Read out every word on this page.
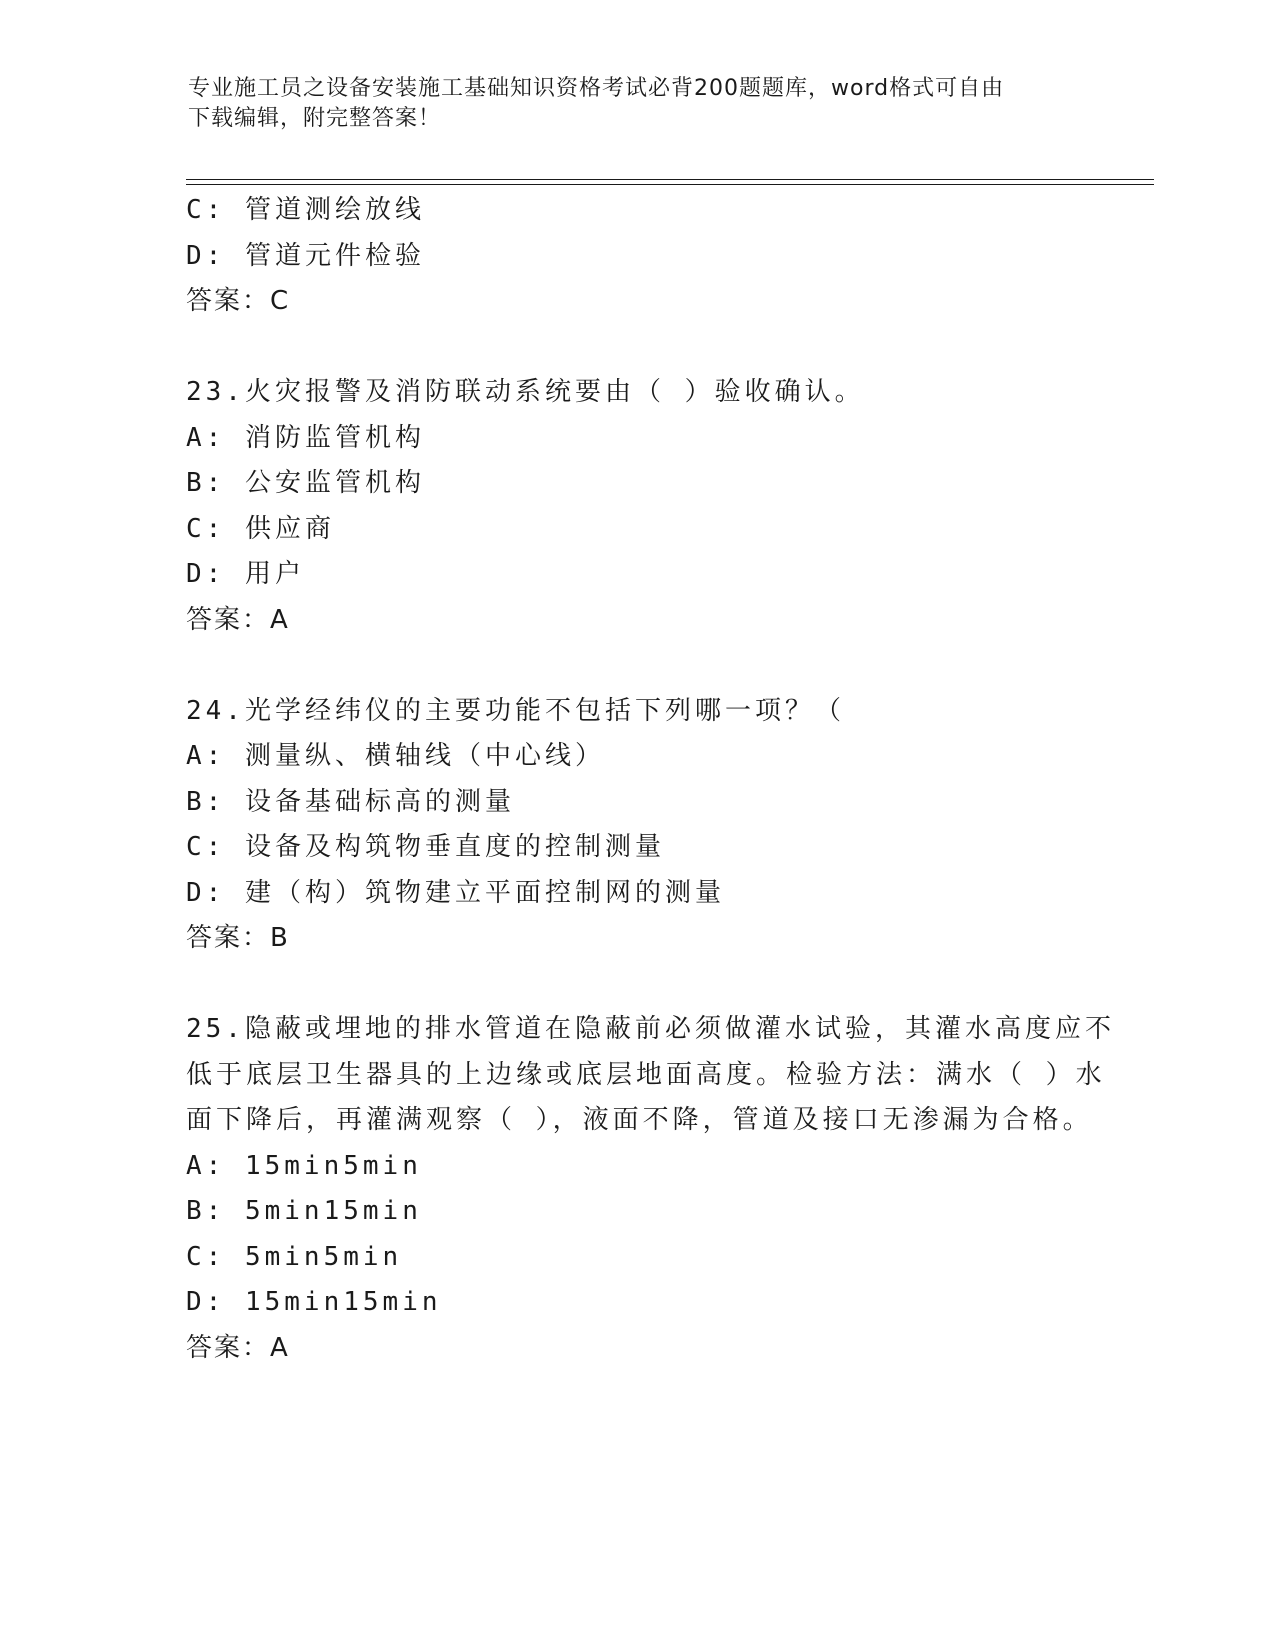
专业施工员之设备安装施工基础知识资格考试必背200题题库，word格式可自由
下载编辑，附完整答案！
C: 管道测绘放线
D: 管道元件检验
答案：C
23.火灾报警及消防联动系统要由（ ）验收确认。
A: 消防监管机构
B: 公安监管机构
C: 供应商
D: 用户
答案：A
24.光学经纬仪的主要功能不包括下列哪一项？（
A: 测量纵、横轴线（中心线）
B: 设备基础标高的测量
C: 设备及构筑物垂直度的控制测量
D: 建（构）筑物建立平面控制网的测量
答案：B
25.隐蔽或埋地的排水管道在隐蔽前必须做灌水试验，其灌水高度应不
低于底层卫生器具的上边缘或底层地面高度。检验方法：满水（ ）水
面下降后，再灌满观察（ ），液面不降，管道及接口无渗漏为合格。
A: 15min5min
B: 5min15min
C: 5min5min
D: 15min15min
答案：A
